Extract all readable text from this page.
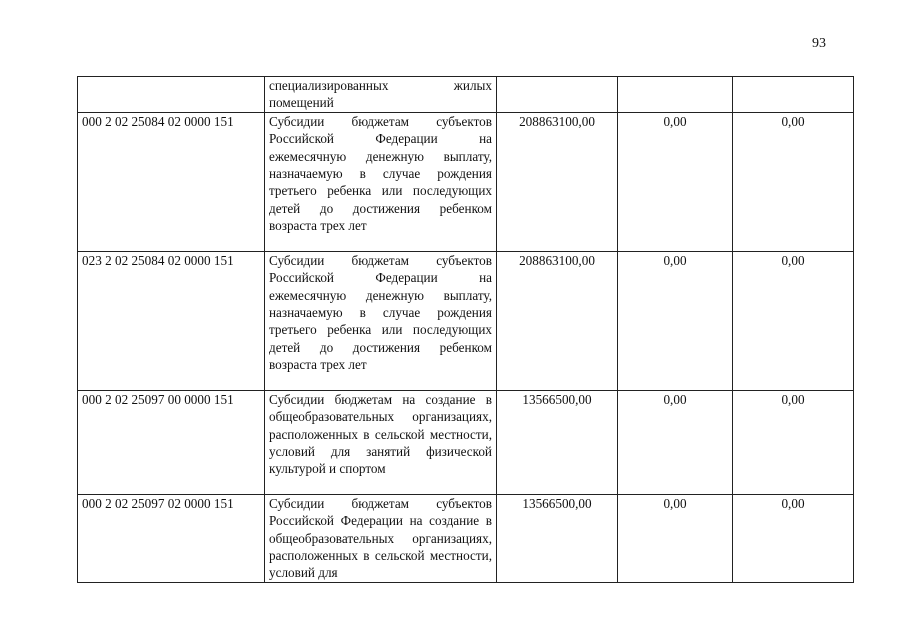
93

	специализированных жилых помещений			

000 2 02 25084 02 0000 151	Субсидии бюджетам субъектов Российской Федерации на ежемесячную денежную выплату, назначаемую в случае рождения третьего ребенка или последующих детей до достижения ребенком возраста трех лет	208863100,00	0,00	0,00
023 2 02 25084 02 0000 151	Субсидии бюджетам субъектов Российской Федерации на ежемесячную денежную выплату, назначаемую в случае рождения третьего ребенка или последующих детей до достижения ребенком возраста трех лет	208863100,00	0,00	0,00
000 2 02 25097 00 0000 151	Субсидии бюджетам на создание в общеобразовательных организациях, расположенных в сельской местности, условий для занятий физической культурой и спортом	13566500,00	0,00	0,00
000 2 02 25097 02 0000 151	Субсидии бюджетам субъектов Российской Федерации на создание в общеобразовательных организациях, расположенных в сельской местности, условий для	13566500,00	0,00	0,00
